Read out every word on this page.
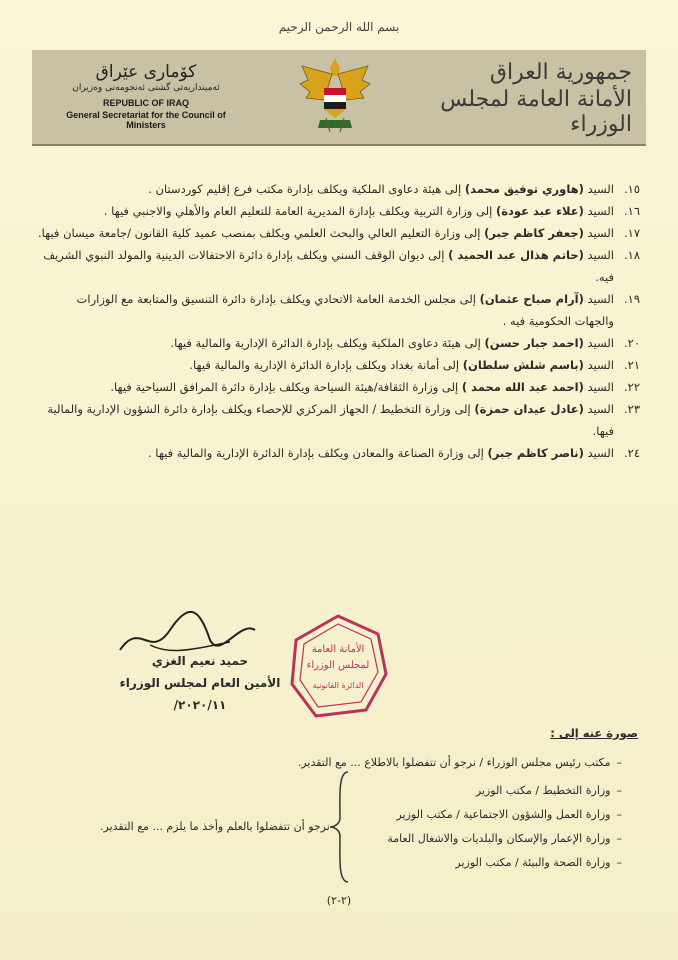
بسم الله الرحمن الرحيم
كۆماری عێراق
ئەمینداریەتی گشتی ئەنجومەنی وەزیران
REPUBLIC OF IRAQ
General Secretariat for the Council of Ministers
جمهورية العراق
الأمانة العامة لمجلس الوزراء
١٥.
السيد (هاوري توفيق محمد) إلى هيئة دعاوى الملكية ويكلف بإدارة مكتب فرع إقليم كوردستان .
١٦.
السيد (علاء عبد عودة) إلى وزارة التربية ويكلف بإدارة المديرية العامة للتعليم العام والأهلي والاجنبي فيها .
١٧.
السيد (جعفر كاظم جبر) إلى وزارة التعليم العالي والبحث العلمي ويكلف بمنصب عميد كلية القانون /جامعة ميسان فيها.
١٨.
السيد (حاتم هذال عبد الحميد ) إلى ديوان الوقف السني ويكلف بإدارة دائرة الاحتفالات الدينية والمولد النبوي الشريف فيه.
١٩.
السيد (آرام صباح عثمان) إلى مجلس الخدمة العامة الاتحادي ويكلف بإدارة دائرة التنسيق والمتابعة مع الوزارات والجهات الحكومية فيه .
٢٠.
السيد (احمد جبار حسن) إلى هيئة دعاوى الملكية ويكلف بإدارة الدائرة الإدارية والمالية فيها.
٢١.
السيد (باسم شلش سلطان) إلى أمانة بغداد ويكلف بإدارة الدائرة الإدارية والمالية فيها.
٢٢.
السيد (احمد عبد الله محمد ) إلى وزارة الثقافة/هيئة السياحة ويكلف بإدارة دائرة المرافق السياحية فيها.
٢٣.
السيد (عادل عيدان حمزة) إلى وزارة التخطيط / الجهاز المركزي للإحصاء ويكلف بإدارة دائرة الشؤون الإدارية والمالية فيها.
٢٤.
السيد (ناصر كاظم جبر) إلى وزارة الصناعة والمعادن ويكلف بإدارة الدائرة الإدارية والمالية فيها .
حميد نعيم الغزي
الأمين العام لمجلس الوزراء
٢٠٢٠/١١/
الأمانة العامة
لمجلس الوزراء
الدائرة القانونية
صورة عنه إلى :
– مكتب رئيس مجلس الوزراء / نرجو أن تتفضلوا بالاطلاع ... مع التقدير.
– وزارة التخطيط / مكتب الوزير
– وزارة العمل والشؤون الاجتماعية / مكتب الوزير
– وزارة الإعمار والإسكان والبلديات والاشغال العامة
– وزارة الصحة والبيئة / مكتب الوزير
نرجو أن تتفضلوا بالعلم وأخذ ما يلزم ... مع التقدير.
(٢-٢)
